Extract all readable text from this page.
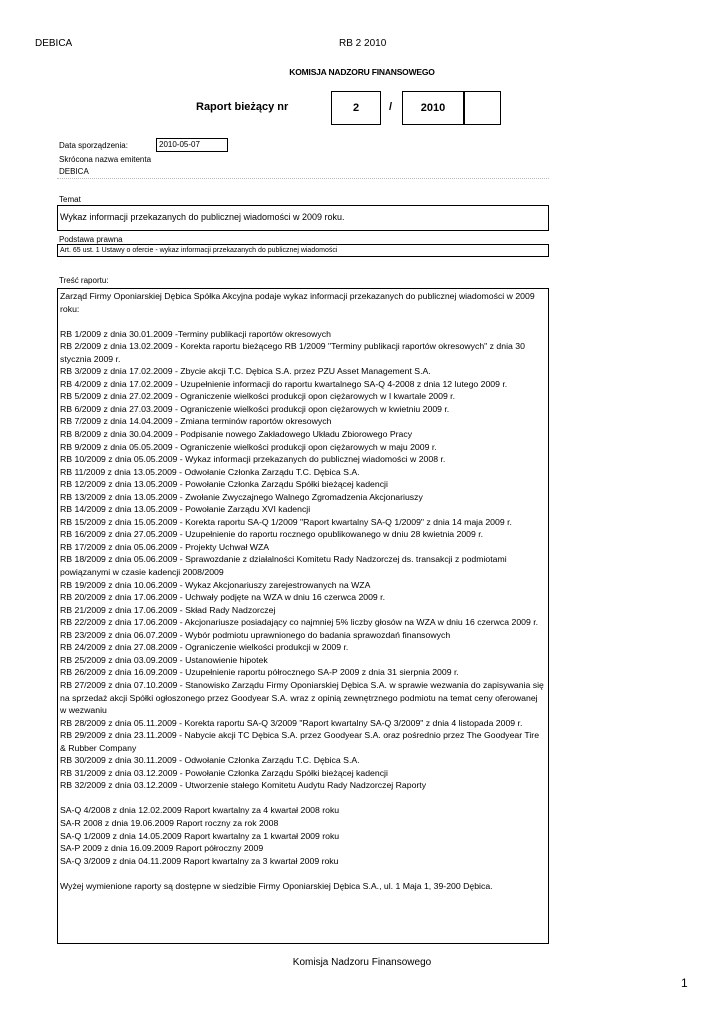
DEBICA	RB 2 2010
KOMISJA NADZORU FINANSOWEGO
Raport bieżący nr	2	/	2010
Data sporządzenia:	2010-05-07
Skrócona nazwa emitenta
DEBICA
Temat
Wykaz informacji przekazanych do publicznej wiadomości w 2009 roku.
Podstawa prawna
Art. 65 ust. 1 Ustawy o ofercie - wykaz informacji przekazanych do publicznej wiadomości
Treść raportu:

Zarząd Firmy Oponiarskiej Dębica Spółka Akcyjna podaje wykaz informacji przekazanych do publicznej wiadomości w 2009 roku:

RB 1/2009 z dnia 30.01.2009 -Terminy publikacji raportów okresowych

RB 2/2009 z dnia 13.02.2009 - Korekta raportu bieżącego RB 1/2009 "Terminy publikacji raportów okresowych" z dnia 30 stycznia 2009 r.

RB 3/2009 z dnia 17.02.2009 - Zbycie akcji T.C. Dębica S.A. przez PZU Asset Management S.A.

RB 4/2009 z dnia 17.02.2009 - Uzupełnienie informacji do raportu kwartalnego SA-Q 4-2008 z dnia 12 lutego 2009 r.

RB 5/2009 z dnia 27.02.2009 - Ograniczenie wielkości produkcji opon ciężarowych w I kwartale 2009 r.

RB 6/2009 z dnia 27.03.2009 - Ograniczenie wielkości produkcji opon ciężarowych w kwietniu 2009 r.

RB 7/2009 z dnia 14.04.2009 - Zmiana terminów raportów okresowych

RB 8/2009 z dnia 30.04.2009 - Podpisanie nowego Zakładowego Układu Zbiorowego Pracy

RB 9/2009 z dnia 05.05.2009 - Ograniczenie wielkości produkcji opon ciężarowych w maju 2009 r.

RB 10/2009 z dnia 05.05.2009 - Wykaz informacji przekazanych do publicznej wiadomości w 2008 r.

RB 11/2009 z dnia 13.05.2009 - Odwołanie Członka Zarządu T.C. Dębica S.A.

RB 12/2009 z dnia 13.05.2009 - Powołanie Członka Zarządu Spółki bieżącej kadencji

RB 13/2009 z dnia 13.05.2009 - Zwołanie Zwyczajnego Walnego Zgromadzenia Akcjonariuszy

RB 14/2009 z dnia 13.05.2009 - Powołanie Zarządu XVI kadencji

RB 15/2009 z dnia 15.05.2009 - Korekta raportu SA-Q 1/2009 "Raport kwartalny SA-Q 1/2009" z dnia 14 maja 2009 r.

RB 16/2009 z dnia 27.05.2009 - Uzupełnienie do raportu rocznego opublikowanego w dniu 28 kwietnia 2009 r.

RB 17/2009 z dnia 05.06.2009 - Projekty Uchwał WZA

RB 18/2009 z dnia 05.06.2009 - Sprawozdanie z działalności Komitetu Rady Nadzorczej ds. transakcji z podmiotami powiązanymi w czasie kadencji 2008/2009

RB 19/2009 z dnia 10.06.2009 - Wykaz Akcjonariuszy zarejestrowanych na WZA

RB 20/2009 z dnia 17.06.2009 - Uchwały podjęte na WZA w dniu 16 czerwca 2009 r.

RB 21/2009 z dnia 17.06.2009 - Skład Rady Nadzorczej

RB 22/2009 z dnia 17.06.2009 - Akcjonariusze posiadający co najmniej 5% liczby głosów na WZA w dniu 16 czerwca 2009 r.

RB 23/2009 z dnia 06.07.2009 - Wybór podmiotu uprawnionego do badania sprawozdań finansowych

RB 24/2009 z dnia 27.08.2009 - Ograniczenie wielkości produkcji w 2009 r.

RB 25/2009 z dnia 03.09.2009 - Ustanowienie hipotek

RB 26/2009 z dnia 16.09.2009 - Uzupełnienie raportu półrocznego SA-P 2009 z dnia 31 sierpnia 2009 r.

RB 27/2009 z dnia 07.10.2009 - Stanowisko Zarządu Firmy Oponiarskiej Dębica S.A. w sprawie wezwania do zapisywania się na sprzedaż akcji Spółki ogłoszonego przez Goodyear S.A. wraz z opinią zewnętrznego podmiotu na temat ceny oferowanej w wezwaniu

RB 28/2009 z dnia 05.11.2009 - Korekta raportu SA-Q 3/2009 "Raport kwartalny SA-Q 3/2009" z dnia 4 listopada 2009 r.

RB 29/2009 z dnia 23.11.2009 - Nabycie akcji TC Dębica S.A. przez Goodyear S.A. oraz pośrednio przez The Goodyear Tire & Rubber Company

RB 30/2009 z dnia 30.11.2009 - Odwołanie Członka Zarządu T.C. Dębica S.A.

RB 31/2009 z dnia 03.12.2009 - Powołanie Członka Zarządu Spółki bieżącej kadencji

RB 32/2009 z dnia 03.12.2009 - Utworzenie stałego Komitetu Audytu Rady Nadzorczej Raporty

SA-Q 4/2008 z dnia 12.02.2009 Raport kwartalny za 4 kwartał 2008 roku

SA-R 2008 z dnia 19.06.2009 Raport roczny za rok 2008

SA-Q 1/2009 z dnia 14.05.2009 Raport kwartalny za 1 kwartał 2009 roku

SA-P 2009 z dnia 16.09.2009 Raport półroczny 2009

SA-Q 3/2009 z dnia 04.11.2009 Raport kwartalny za 3 kwartał 2009 roku

Wyżej wymienione raporty są dostępne w siedzibie Firmy Oponiarskiej Dębica S.A., ul. 1 Maja 1, 39-200 Dębica.

Komisja Nadzoru Finansowego
1
